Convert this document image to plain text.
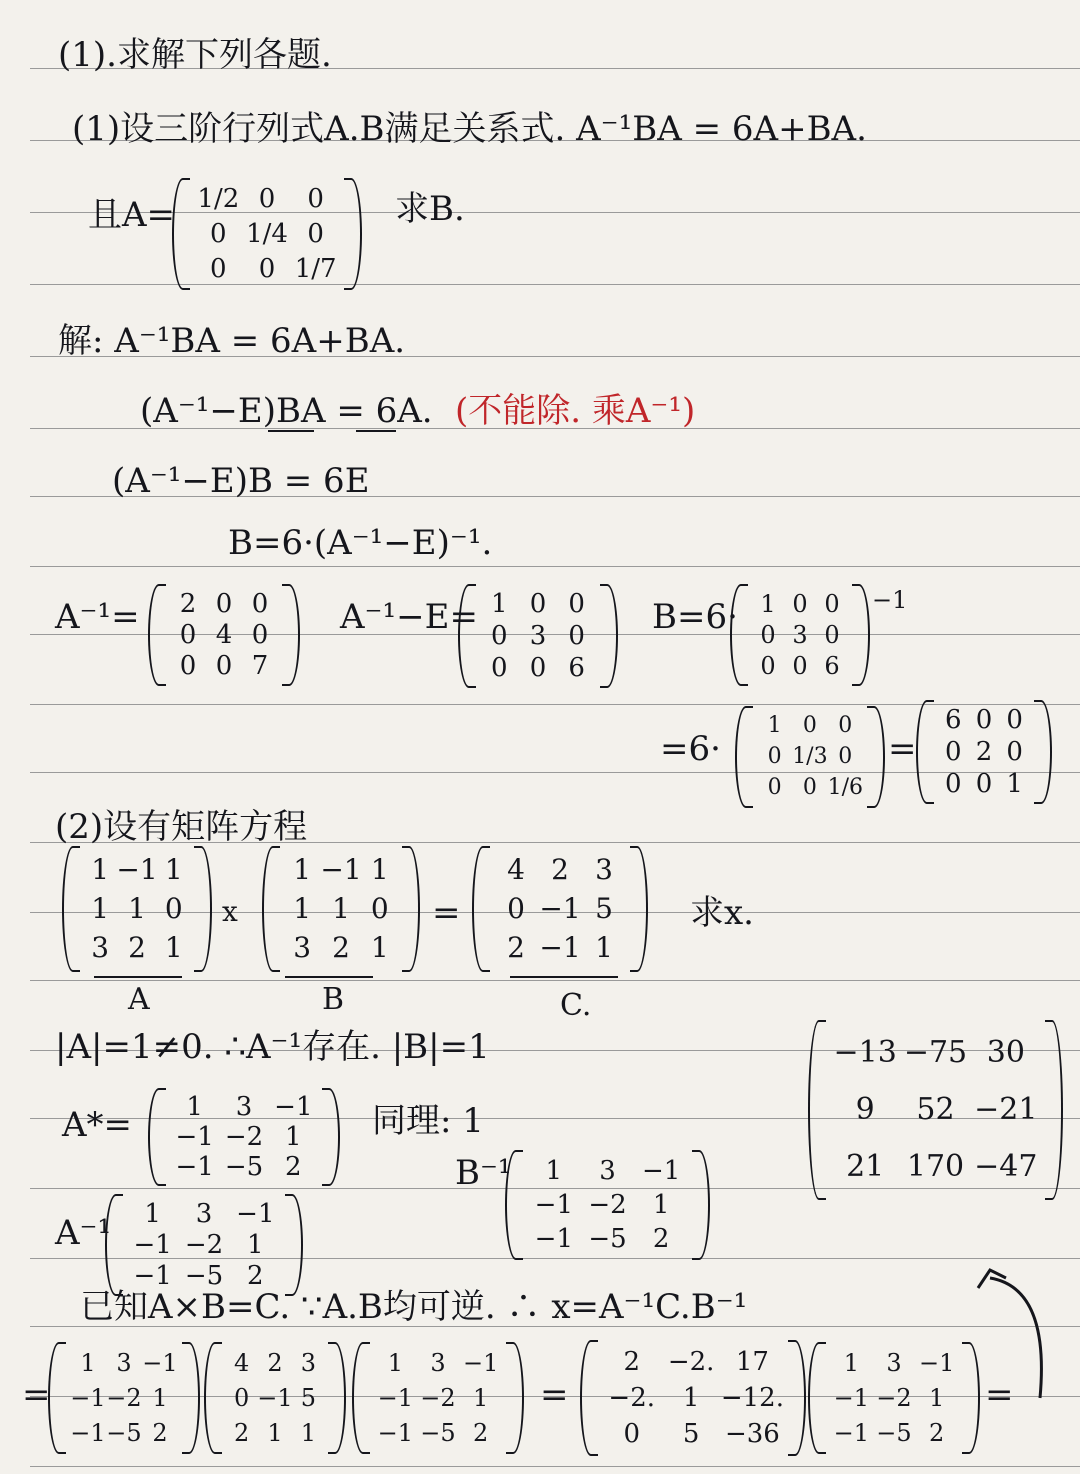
(1).求解下列各题.
(1)设三阶行列式A.B满足关系式. A⁻¹BA = 6A+BA.
且A= 1/2 0 0
0 1/4 0
0 0 1/7
求B.
解: A⁻¹BA = 6A+BA.
(A⁻¹−E)BA = 6A. (不能除. 乘A⁻¹)
(A⁻¹−E)B = 6E
B=6·(A⁻¹−E)⁻¹.
A⁻¹= 2 0 0
0 4 0
0 0 7
A⁻¹−E= 1 0 0
0 3 0
0 0 6
B=6· 1 0 0
0 3 0
0 0 6
−1
=6·
1 0 0
0 1/3 0
0 0 1/6
=
6 0 0
0 2 0
0 0 1
(2)设有矩阵方程
1 −1 1
1 1 0
3 2 1
x
1 −1 1
1 1 0
3 2 1
=
4 2 3
0 −1 5
2 −1 1
求x.
A	B	C.
|A|=1≠0. ∴A⁻¹存在. |B|=1
A*= 1 3 −1
−1 −2 1
−1 −5 2
同理: 1
B⁻¹ 1 3 −1
−1 −2 1
−1 −5 2
A⁻¹ 1 3 −1
−1 −2 1
−1 −5 2
−13 −75 30
9 52 −21
21 170 −47
已知A×B=C. ∵A.B均可逆. ∴ x=A⁻¹C.B⁻¹
=
1 3 −1
−1 −2 1
−1 −5 2
4 2 3
0 −1 5
2 1 1
1 3 −1
−1 −2 1
−1 −5 2
=
2 −2. 17
−2. 1 −12.
0 5 −36
1 3 −1
−1 −2 1
−1 −5 2
=
